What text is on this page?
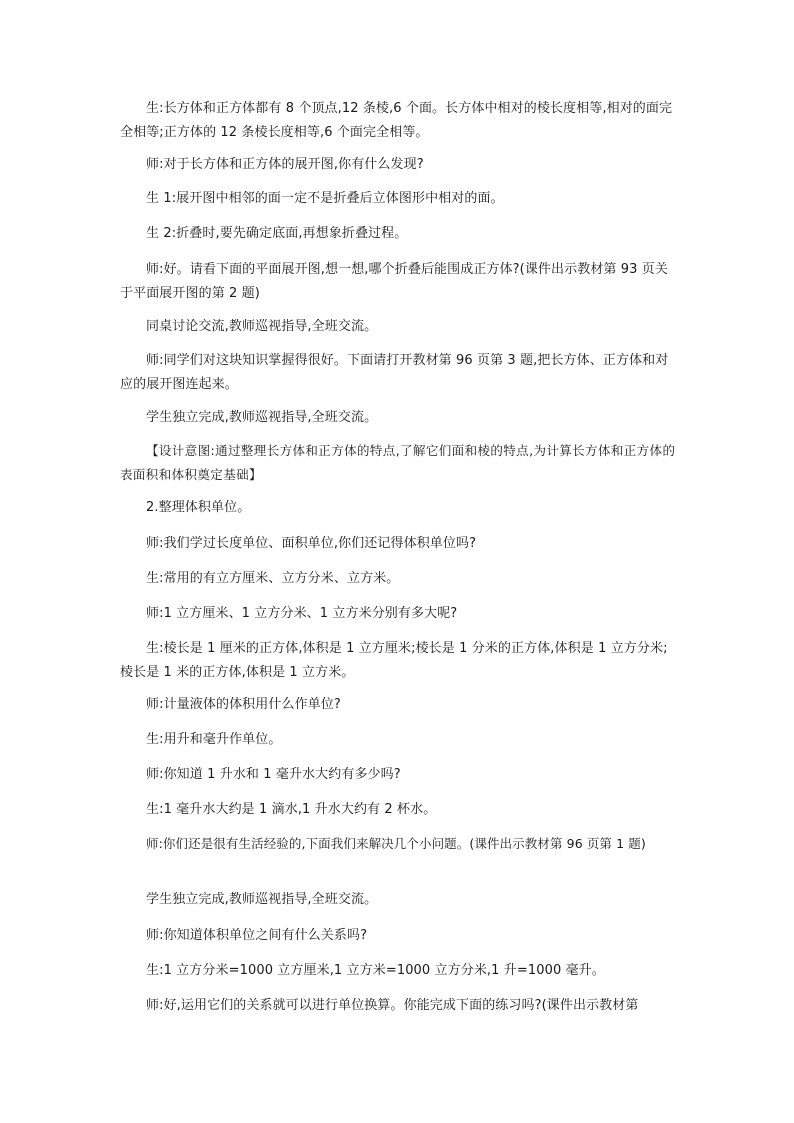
生:长方体和正方体都有 8 个顶点,12 条棱,6 个面。长方体中相对的棱长度相等,相对的面完全相等;正方体的 12 条棱长度相等,6 个面完全相等。

师:对于长方体和正方体的展开图,你有什么发现?

生 1:展开图中相邻的面一定不是折叠后立体图形中相对的面。

生 2:折叠时,要先确定底面,再想象折叠过程。

师:好。请看下面的平面展开图,想一想,哪个折叠后能围成正方体?(课件出示教材第 93 页关于平面展开图的第 2 题)

同桌讨论交流,教师巡视指导,全班交流。

师:同学们对这块知识掌握得很好。下面请打开教材第 96 页第 3 题,把长方体、正方体和对应的展开图连起来。

学生独立完成,教师巡视指导,全班交流。

【设计意图:通过整理长方体和正方体的特点,了解它们面和棱的特点,为计算长方体和正方体的表面积和体积奠定基础】

2.整理体积单位。

师:我们学过长度单位、面积单位,你们还记得体积单位吗?

生:常用的有立方厘米、立方分米、立方米。

师:1 立方厘米、1 立方分米、1 立方米分别有多大呢?

生:棱长是 1 厘米的正方体,体积是 1 立方厘米;棱长是 1 分米的正方体,体积是 1 立方分米;棱长是 1 米的正方体,体积是 1 立方米。

师:计量液体的体积用什么作单位?

生:用升和毫升作单位。

师:你知道 1 升水和 1 毫升水大约有多少吗?

生:1 毫升水大约是 1 滴水,1 升水大约有 2 杯水。

师:你们还是很有生活经验的,下面我们来解决几个小问题。(课件出示教材第 96 页第 1 题)

学生独立完成,教师巡视指导,全班交流。

师:你知道体积单位之间有什么关系吗?

生:1 立方分米=1000 立方厘米,1 立方米=1000 立方分米,1 升=1000 毫升。

师:好,运用它们的关系就可以进行单位换算。你能完成下面的练习吗?(课件出示教材第
